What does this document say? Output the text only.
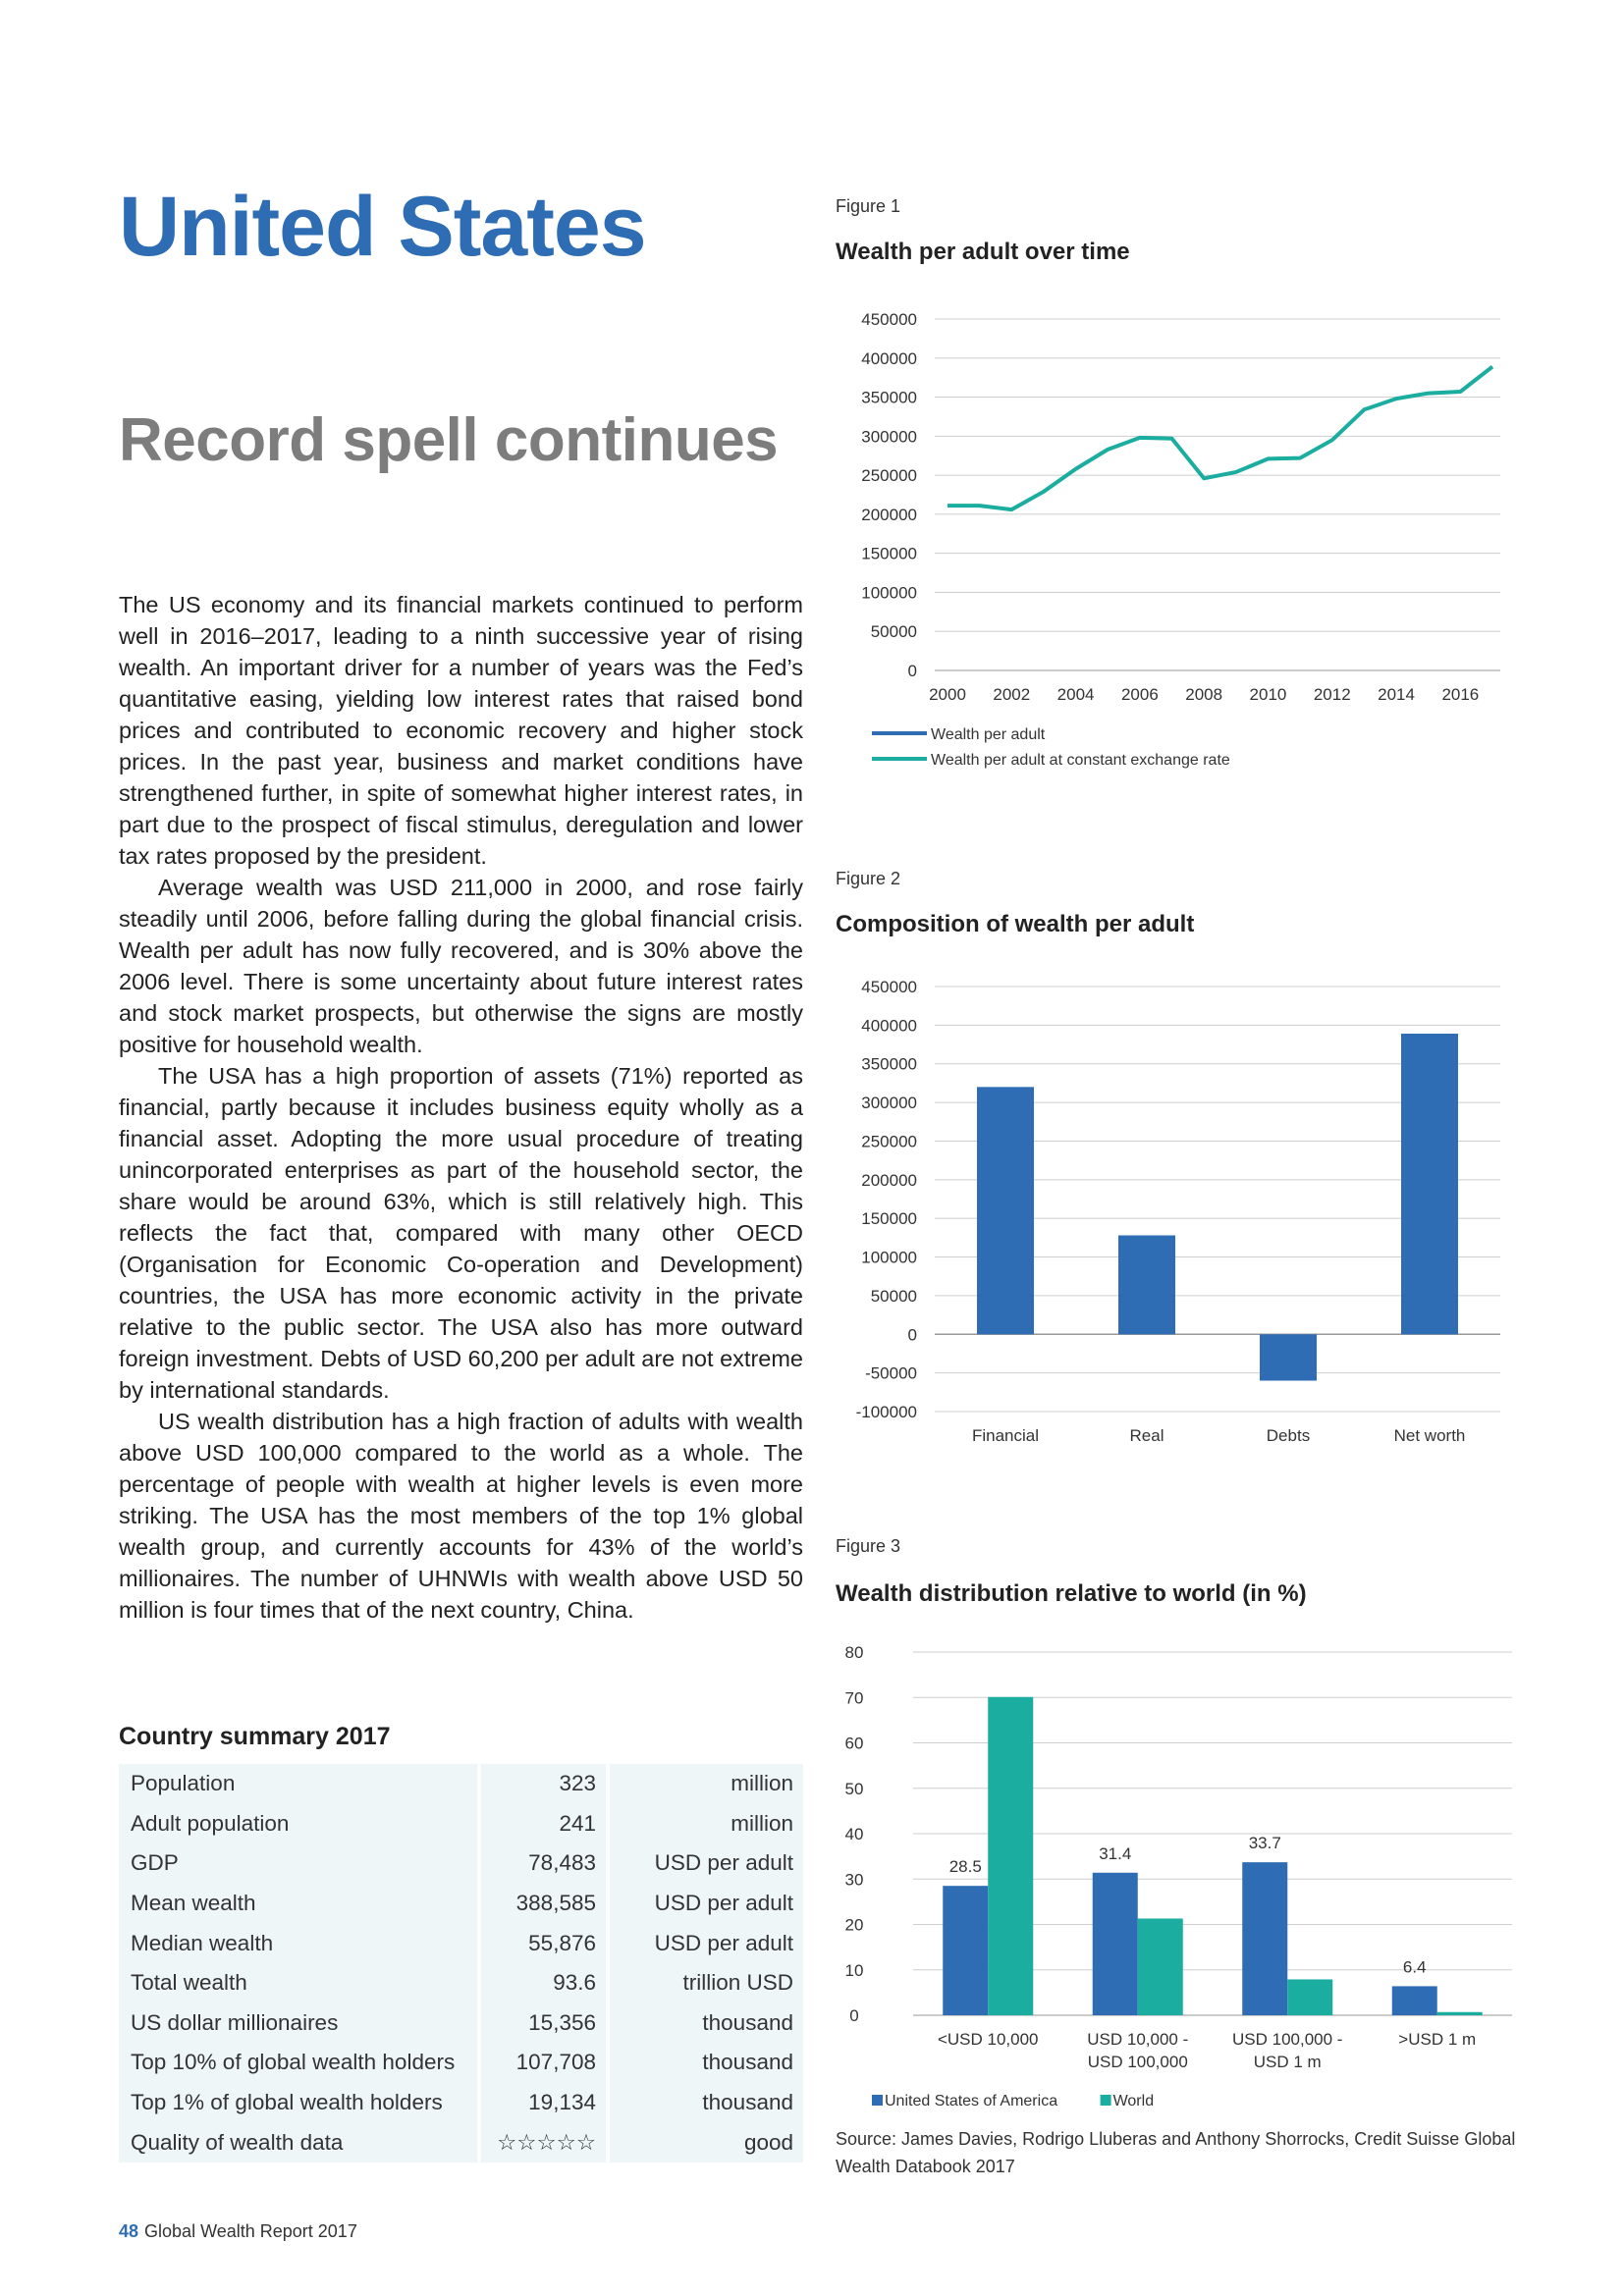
United States
Record spell continues

The US economy and its financial markets continued to perform well in 2016–2017, leading to a ninth successive year of rising wealth. An important driver for a number of years was the Fed’s quantitative easing, yielding low interest rates that raised bond prices and contributed to economic recovery and higher stock prices. In the past year, business and market conditions have strengthened further, in spite of somewhat higher interest rates, in part due to the prospect of fiscal stimulus, deregulation and lower tax rates proposed by the president.

Average wealth was USD 211,000 in 2000, and rose fairly steadily until 2006, before falling during the global financial crisis. Wealth per adult has now fully recovered, and is 30% above the 2006 level. There is some uncertainty about future interest rates and stock market prospects, but otherwise the signs are mostly positive for household wealth.

The USA has a high proportion of assets (71%) reported as financial, partly because it includes business equity wholly as a financial asset. Adopting the more usual procedure of treating unincorporated enterprises as part of the household sector, the share would be around 63%, which is still relatively high. This reflects the fact that, compared with many other OECD (Organisation for Economic Co-operation and Development) countries, the USA has more economic activity in the private relative to the public sector. The USA also has more outward foreign investment. Debts of USD 60,200 per adult are not extreme by international standards.

US wealth distribution has a high fraction of adults with wealth above USD 100,000 compared to the world as a whole. The percentage of people with wealth at higher levels is even more striking. The USA has the most members of the top 1% global wealth group, and currently accounts for 43% of the world’s millionaires. The number of UHNWIs with wealth above USD 50 million is four times that of the next country, China.

Country summary 2017
Population	323	million
Adult population	241	million
GDP	78,483	USD per adult
Mean wealth	388,585	USD per adult
Median wealth	55,876	USD per adult
Total wealth	93.6	trillion USD
US dollar millionaires	15,356	thousand
Top 10% of global wealth holders	107,708	thousand
Top 1% of global wealth holders	19,134	thousand
Quality of wealth data	☆☆☆☆☆	good
48 Global Wealth Report 2017
Figure 1
Wealth per adult over time
0
50000
100000
150000
200000
250000
300000
350000
400000
450000
2000 2002 2004 2006 2008 2010 2012 2014 2016
Wealth per adult
Wealth per adult at constant exchange rate
Figure 2
Composition of wealth per adult
-100000
-50000
0
50000
100000
150000
200000
250000
300000
350000
400000
450000
Financial	Real	Debts	Net worth
Figure 3
Wealth distribution relative to world (in %)
0
10
20
30
40
50
60
70
80
28.5
<USD 10,000
31.4
USD 10,000 -
USD 100,000
33.7
USD 100,000 -
USD 1 m
6.4
>USD 1 m
United States of America	World
Source: James Davies, Rodrigo Lluberas and Anthony Shorrocks, Credit Suisse Global Wealth Databook 2017
